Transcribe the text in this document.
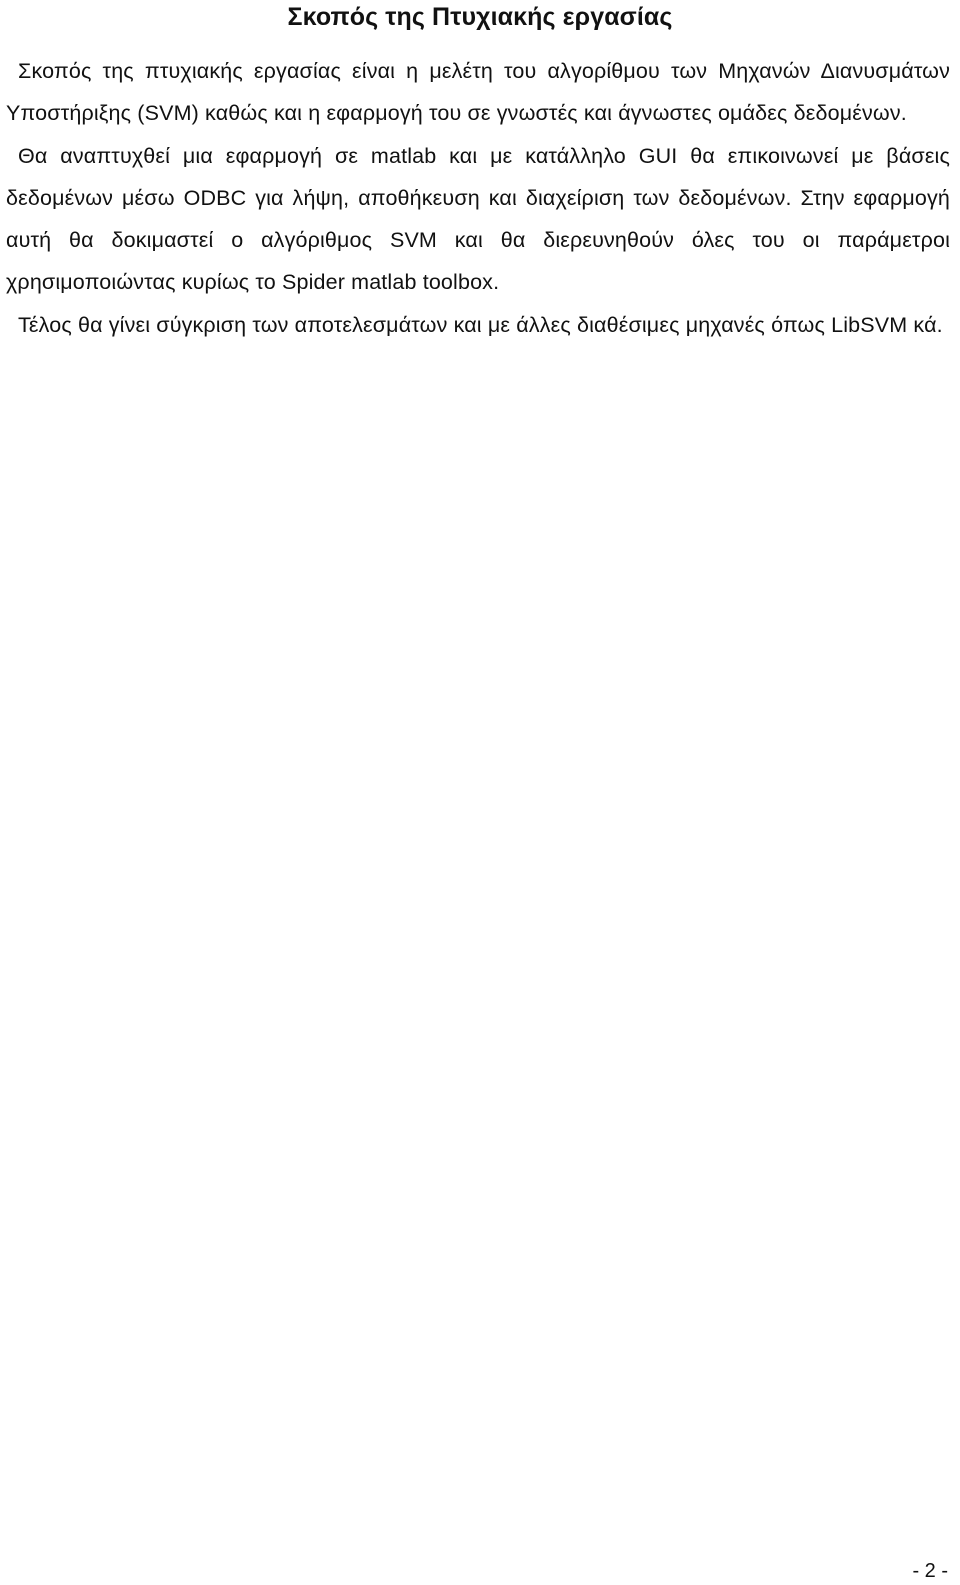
Σκοπός της Πτυχιακής εργασίας

Σκοπός της πτυχιακής εργασίας είναι η μελέτη του αλγορίθμου των Μηχανών Διανυσμάτων Υποστήριξης (SVM) καθώς και η εφαρμογή του σε γνωστές και άγνωστες ομάδες δεδομένων.

Θα αναπτυχθεί μια εφαρμογή σε matlab και με κατάλληλο GUI θα επικοινωνεί με βάσεις δεδομένων μέσω ODBC για λήψη, αποθήκευση και διαχείριση των δεδομένων. Στην εφαρμογή αυτή θα δοκιμαστεί ο αλγόριθμος SVM και θα διερευνηθούν όλες του οι παράμετροι χρησιμοποιώντας κυρίως το Spider matlab toolbox.

Τέλος θα γίνει σύγκριση των αποτελεσμάτων και με άλλες διαθέσιμες μηχανές όπως LibSVM κά.

- 2 -
